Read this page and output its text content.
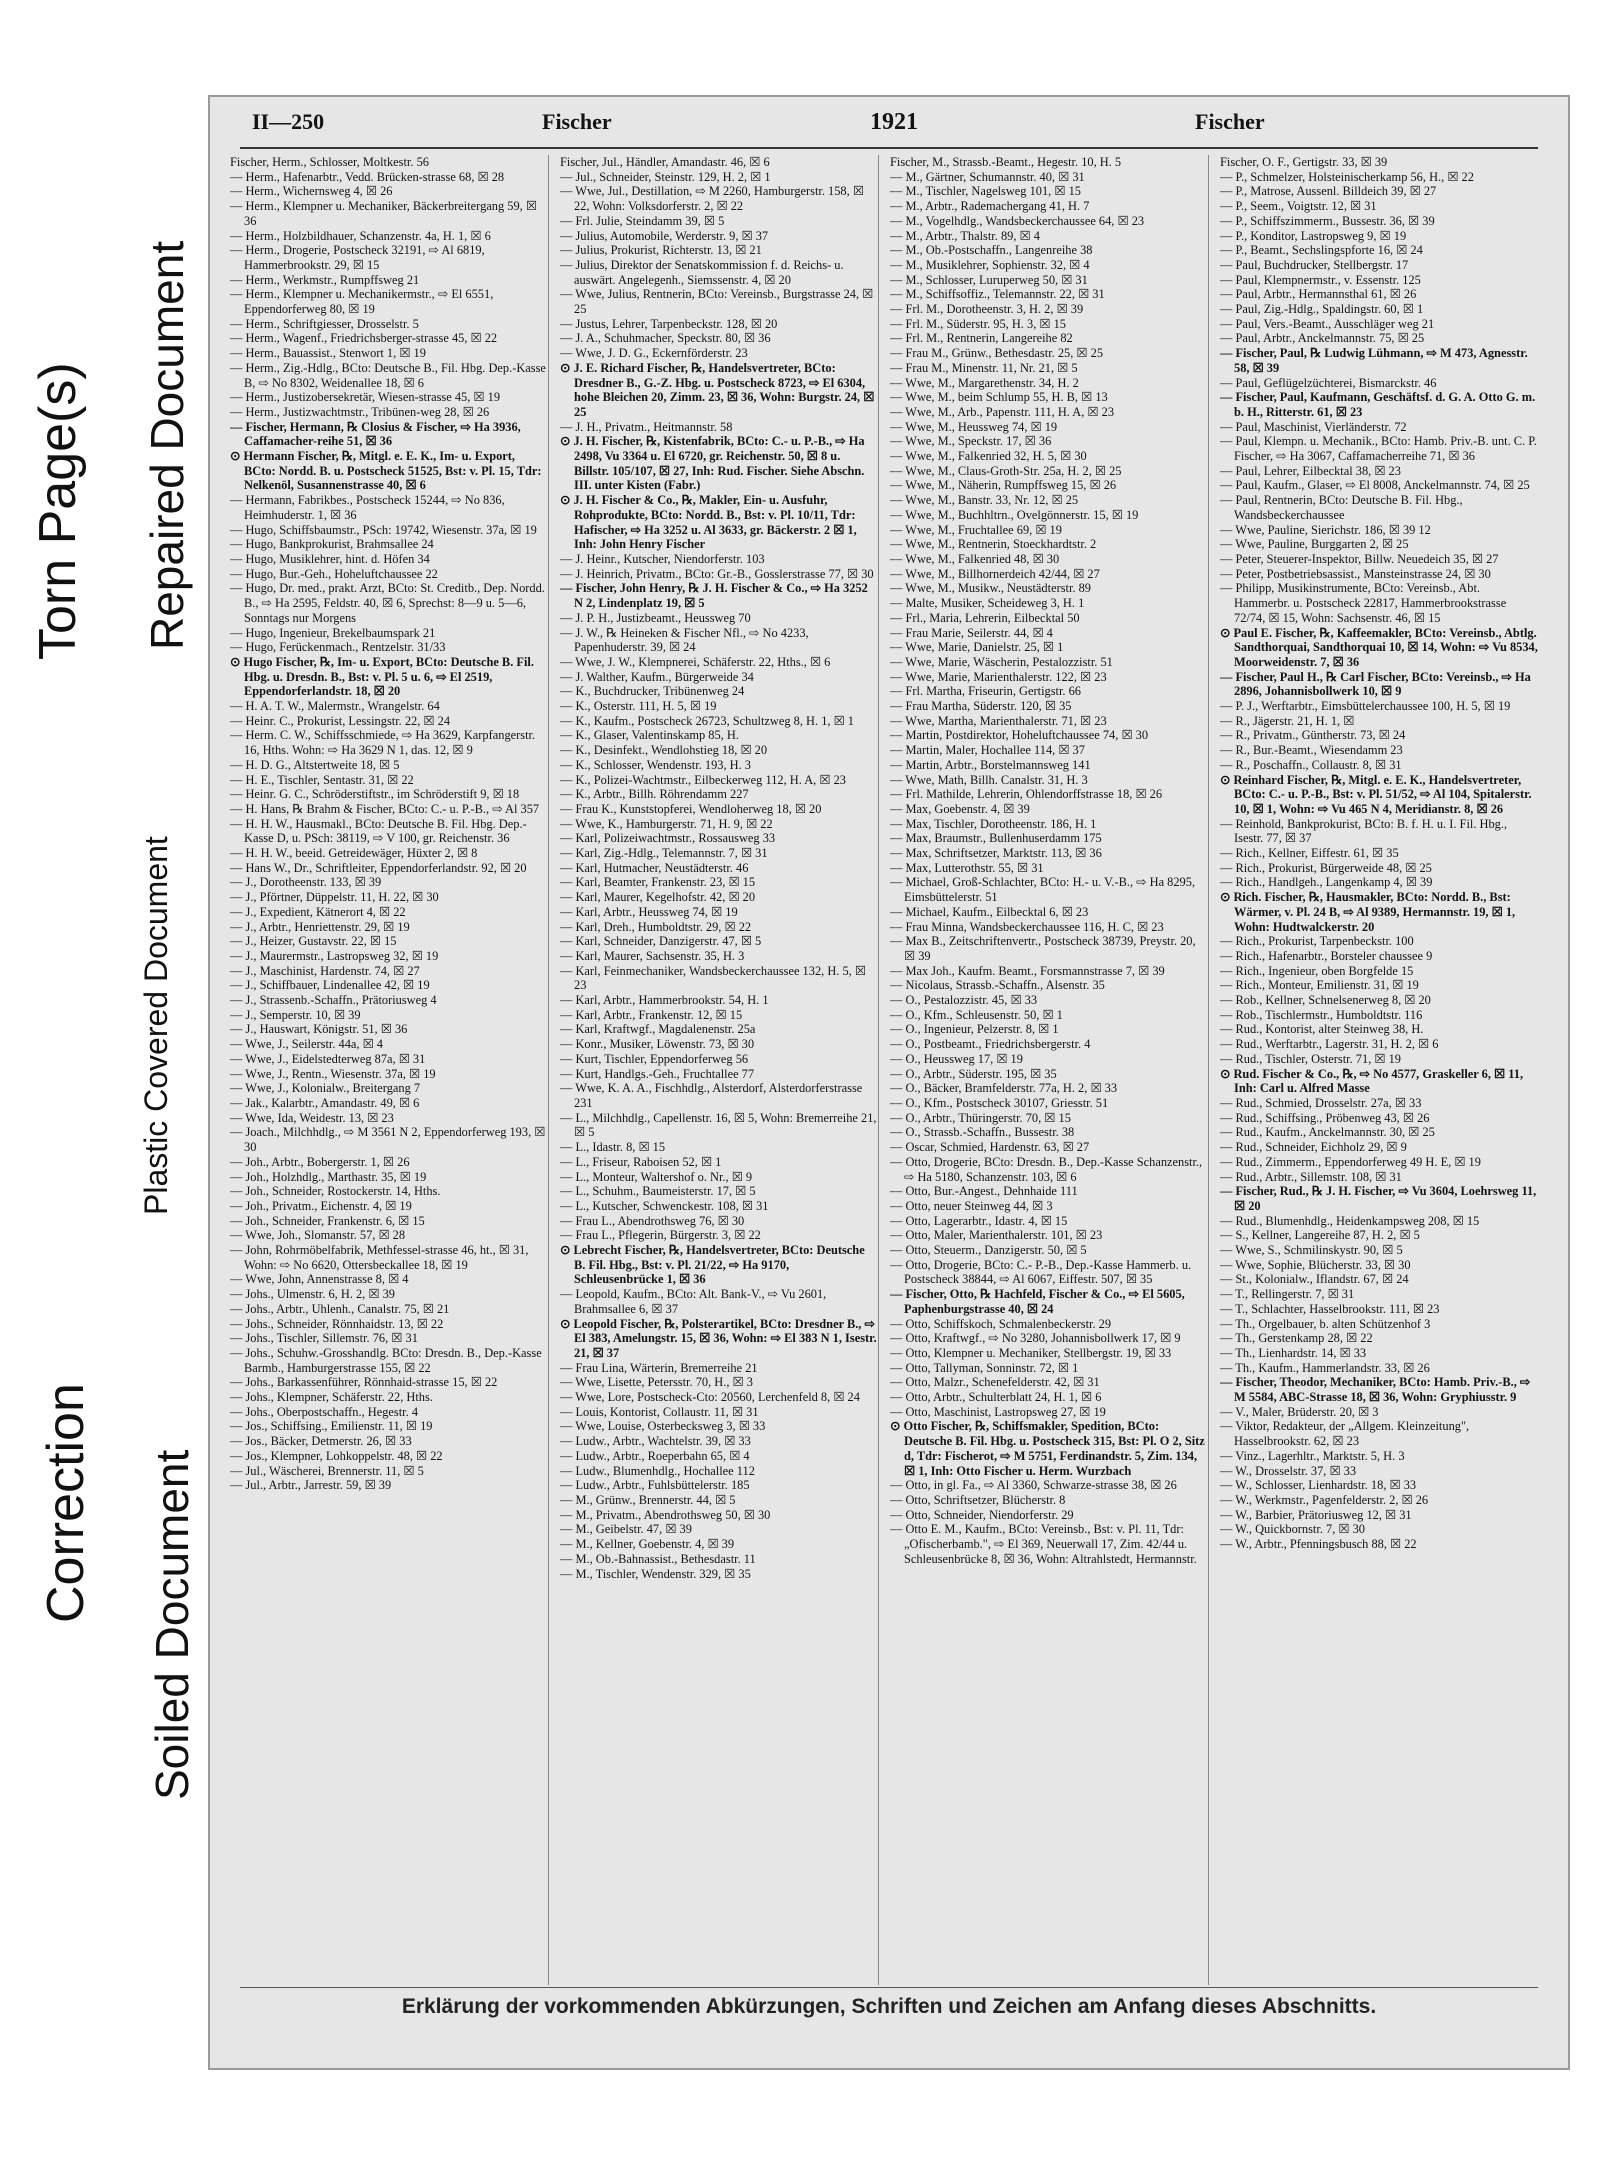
Torn Page(s) Repaired Document
Plastic Covered Document
Correction Soiled Document
II—250	Fischer	1921	Fischer
Fischer, Herm., Schlosser, Moltkestr. 56
— Herm., Hafenarbtr., Vedd. Brücken-strasse 68, ☒ 28
— Herm., Wichernsweg 4, ☒ 26
— Herm., Klempner u. Mechaniker, Bäckerbreitergang 59, ☒ 36
— Herm., Holzbildhauer, Schanzenstr. 4a, H. 1, ☒ 6
— Herm., Drogerie, Postscheck 32191, ⇨ Al 6819, Hammerbrookstr. 29, ☒ 15
— Herm., Werkmstr., Rumpffsweg 21
— Herm., Klempner u. Mechanikermstr., ⇨ El 6551, Eppendorferweg 80, ☒ 19
— Herm., Schriftgiesser, Drosselstr. 5
— Herm., Wagenf., Friedrichsberger-strasse 45, ☒ 22
— Herm., Bauassist., Stenwort 1, ☒ 19
— Herm., Zig.-Hdlg., BCto: Deutsche B., Fil. Hbg. Dep.-Kasse B, ⇨ No 8302, Weidenallee 18, ☒ 6
— Herm., Justizobersekretär, Wiesen-strasse 45, ☒ 19
— Herm., Justizwachtmstr., Tribünen-weg 28, ☒ 26
— Fischer, Hermann, ℞ Closius & Fischer, ⇨ Ha 3936, Caffamacher-reihe 51, ☒ 36
⊙ Hermann Fischer, ℞, Mitgl. e. E. K., Im- u. Export, BCto: Nordd. B. u. Postscheck 51525, Bst: v. Pl. 15, Tdr: Nelkenöl, Susannenstrasse 40, ☒ 6
— Hermann, Fabrikbes., Postscheck 15244, ⇨ No 836, Heimhuderstr. 1, ☒ 36
— Hugo, Schiffsbaumstr., PSch: 19742, Wiesenstr. 37a, ☒ 19
— Hugo, Bankprokurist, Brahmsallee 24
— Hugo, Musiklehrer, hint. d. Höfen 34
— Hugo, Bur.-Geh., Hoheluftchaussee 22
— Hugo, Dr. med., prakt. Arzt, BCto: St. Creditb., Dep. Nordd. B., ⇨ Ha 2595, Feldstr. 40, ☒ 6, Sprechst: 8—9 u. 5—6, Sonntags nur Morgens
— Hugo, Ingenieur, Brekelbaumspark 21
— Hugo, Ferückenmach., Rentzelstr. 31/33
⊙ Hugo Fischer, ℞, Im- u. Export, BCto: Deutsche B. Fil. Hbg. u. Dresdn. B., Bst: v. Pl. 5 u. 6, ⇨ El 2519, Eppendorferlandstr. 18, ☒ 20
— H. A. T. W., Malermstr., Wrangelstr. 64
— Heinr. C., Prokurist, Lessingstr. 22, ☒ 24
— Herm. C. W., Schiffsschmiede, ⇨ Ha 3629, Karpfangerstr. 16, Hths. Wohn: ⇨ Ha 3629 N 1, das. 12, ☒ 9
— H. D. G., Altstertweite 18, ☒ 5
— H. E., Tischler, Sentastr. 31, ☒ 22
— Heinr. G. C., Schröderstiftstr., im Schröderstift 9, ☒ 18
— H. Hans, ℞ Brahm & Fischer, BCto: C.- u. P.-B., ⇨ Al 357
— H. H. W., Hausmakl., BCto: Deutsche B. Fil. Hbg. Dep.-Kasse D, u. PSch: 38119, ⇨ V 100, gr. Reichenstr. 36
— H. H. W., beeid. Getreidewäger, Hüxter 2, ☒ 8
— Hans W., Dr., Schriftleiter, Eppendorferlandstr. 92, ☒ 20
— J., Dorotheenstr. 133, ☒ 39
— J., Pförtner, Düppelstr. 11, H. 22, ☒ 30
— J., Expedient, Kätnerort 4, ☒ 22
— J., Arbtr., Henriettenstr. 29, ☒ 19
— J., Heizer, Gustavstr. 22, ☒ 15
— J., Maurermstr., Lastropsweg 32, ☒ 19
— J., Maschinist, Hardenstr. 74, ☒ 27
— J., Schiffbauer, Lindenallee 42, ☒ 19
— J., Strassenb.-Schaffn., Prätoriusweg 4
— J., Semperstr. 10, ☒ 39
— J., Hauswart, Königstr. 51, ☒ 36
— Wwe, J., Seilerstr. 44a, ☒ 4
— Wwe, J., Eidelstedterweg 87a, ☒ 31
— Wwe, J., Rentn., Wiesenstr. 37a, ☒ 19
— Wwe, J., Kolonialw., Breitergang 7
— Jak., Kalarbtr., Amandastr. 49, ☒ 6
— Wwe, Ida, Weidestr. 13, ☒ 23
— Joach., Milchhdlg., ⇨ M 3561 N 2, Eppendorferweg 193, ☒ 30
— Joh., Arbtr., Bobergerstr. 1, ☒ 26
— Joh., Holzhdlg., Marthastr. 35, ☒ 19
— Joh., Schneider, Rostockerstr. 14, Hths.
— Joh., Privatm., Eichenstr. 4, ☒ 19
— Joh., Schneider, Frankenstr. 6, ☒ 15
— Wwe, Joh., Slomanstr. 57, ☒ 28
— John, Rohrmöbelfabrik, Methfessel-strasse 46, ht., ☒ 31, Wohn: ⇨ No 6620, Ottersbeckallee 18, ☒ 19
— Wwe, John, Annenstrasse 8, ☒ 4
— Johs., Ulmenstr. 6, H. 2, ☒ 39
— Johs., Arbtr., Uhlenh., Canalstr. 75, ☒ 21
— Johs., Schneider, Rönnhaidstr. 13, ☒ 22
— Johs., Tischler, Sillemstr. 76, ☒ 31
— Johs., Schuhw.-Grosshandlg. BCto: Dresdn. B., Dep.-Kasse Barmb., Hamburgerstrasse 155, ☒ 22
— Johs., Barkassenführer, Rönnhaid-strasse 15, ☒ 22
— Johs., Klempner, Schäferstr. 22, Hths.
— Johs., Oberpostschaffn., Hegestr. 4
— Jos., Schiffsing., Emilienstr. 11, ☒ 19
— Jos., Bäcker, Detmerstr. 26, ☒ 33
— Jos., Klempner, Lohkoppelstr. 48, ☒ 22
— Jul., Wäscherei, Brennerstr. 11, ☒ 5
— Jul., Arbtr., Jarrestr. 59, ☒ 39
Fischer, Jul., Händler, Amandastr. 46, ☒ 6
— Jul., Schneider, Steinstr. 129, H. 2, ☒ 1
— Wwe, Jul., Destillation, ⇨ M 2260, Hamburgerstr. 158, ☒ 22, Wohn: Volksdorferstr. 2, ☒ 22
— Frl. Julie, Steindamm 39, ☒ 5
— Julius, Automobile, Werderstr. 9, ☒ 37
— Julius, Prokurist, Richterstr. 13, ☒ 21
— Julius, Direktor der Senatskommission f. d. Reichs- u. auswärt. Angelegenh., Siemssenstr. 4, ☒ 20
— Wwe, Julius, Rentnerin, BCto: Vereinsb., Burgstrasse 24, ☒ 25
— Justus, Lehrer, Tarpenbeckstr. 128, ☒ 20
— J. A., Schuhmacher, Speckstr. 80, ☒ 36
— Wwe, J. D. G., Eckernförderstr. 23
⊙ J. E. Richard Fischer, ℞, Handelsvertreter, BCto: Dresdner B., G.-Z. Hbg. u. Postscheck 8723, ⇨ El 6304, hohe Bleichen 20, Zimm. 23, ☒ 36, Wohn: Burgstr. 24, ☒ 25
— J. H., Privatm., Heitmannstr. 58
⊙ J. H. Fischer, ℞, Kistenfabrik, BCto: C.- u. P.-B., ⇨ Ha 2498, Vu 3364 u. El 6720, gr. Reichenstr. 50, ☒ 8 u. Billstr. 105/107, ☒ 27, Inh: Rud. Fischer. Siehe Abschn. III. unter Kisten (Fabr.)
⊙ J. H. Fischer & Co., ℞, Makler, Ein- u. Ausfuhr, Rohprodukte, BCto: Nordd. B., Bst: v. Pl. 10/11, Tdr: Hafischer, ⇨ Ha 3252 u. Al 3633, gr. Bäckerstr. 2 ☒ 1, Inh: John Henry Fischer
— J. Heinr., Kutscher, Niendorferstr. 103
— J. Heinrich, Privatm., BCto: Gr.-B., Gosslerstrasse 77, ☒ 30
— Fischer, John Henry, ℞ J. H. Fischer & Co., ⇨ Ha 3252 N 2, Lindenplatz 19, ☒ 5
— J. P. H., Justizbeamt., Heussweg 70
— J. W., ℞ Heineken & Fischer Nfl., ⇨ No 4233, Papenhuderstr. 39, ☒ 24
— Wwe, J. W., Klempnerei, Schäferstr. 22, Hths., ☒ 6
— J. Walther, Kaufm., Bürgerweide 34
— K., Buchdrucker, Tribünenweg 24
— K., Osterstr. 111, H. 5, ☒ 19
— K., Kaufm., Postscheck 26723, Schultzweg 8, H. 1, ☒ 1
— K., Glaser, Valentinskamp 85, H.
— K., Desinfekt., Wendlohstieg 18, ☒ 20
— K., Schlosser, Wendenstr. 193, H. 3
— K., Polizei-Wachtmstr., Eilbeckerweg 112, H. A, ☒ 23
— K., Arbtr., Billh. Röhrendamm 227
— Frau K., Kunststopferei, Wendloherweg 18, ☒ 20
— Wwe, K., Hamburgerstr. 71, H. 9, ☒ 22
— Karl, Polizeiwachtmstr., Rossausweg 33
— Karl, Zig.-Hdlg., Telemannstr. 7, ☒ 31
— Karl, Hutmacher, Neustädterstr. 46
— Karl, Beamter, Frankenstr. 23, ☒ 15
— Karl, Maurer, Kegelhofstr. 42, ☒ 20
— Karl, Arbtr., Heussweg 74, ☒ 19
— Karl, Dreh., Humboldtstr. 29, ☒ 22
— Karl, Schneider, Danzigerstr. 47, ☒ 5
— Karl, Maurer, Sachsenstr. 35, H. 3
— Karl, Feinmechaniker, Wandsbeckerchaussee 132, H. 5, ☒ 23
— Karl, Arbtr., Hammerbrookstr. 54, H. 1
— Karl, Arbtr., Frankenstr. 12, ☒ 15
— Karl, Kraftwgf., Magdalenenstr. 25a
— Konr., Musiker, Löwenstr. 73, ☒ 30
— Kurt, Tischler, Eppendorferweg 56
— Kurt, Handlgs.-Geh., Fruchtallee 77
— Wwe, K. A. A., Fischhdlg., Alsterdorf, Alsterdorferstrasse 231
— L., Milchhdlg., Capellenstr. 16, ☒ 5, Wohn: Bremerreihe 21, ☒ 5
— L., Idastr. 8, ☒ 15
— L., Friseur, Raboisen 52, ☒ 1
— L., Monteur, Waltershof o. Nr., ☒ 9
— L., Schuhm., Baumeisterstr. 17, ☒ 5
— L., Kutscher, Schwenckestr. 108, ☒ 31
— Frau L., Abendrothsweg 76, ☒ 30
— Frau L., Pflegerin, Bürgerstr. 3, ☒ 22
⊙ Lebrecht Fischer, ℞, Handelsvertreter, BCto: Deutsche B. Fil. Hbg., Bst: v. Pl. 21/22, ⇨ Ha 9170, Schleusenbrücke 1, ☒ 36
— Leopold, Kaufm., BCto: Alt. Bank-V., ⇨ Vu 2601, Brahmsallee 6, ☒ 37
⊙ Leopold Fischer, ℞, Polsterartikel, BCto: Dresdner B., ⇨ El 383, Amelungstr. 15, ☒ 36, Wohn: ⇨ El 383 N 1, Isestr. 21, ☒ 37
— Frau Lina, Wärterin, Bremerreihe 21
— Wwe, Lisette, Petersstr. 70, H., ☒ 3
— Wwe, Lore, Postscheck-Cto: 20560, Lerchenfeld 8, ☒ 24
— Louis, Kontorist, Collaustr. 11, ☒ 31
— Wwe, Louise, Osterbecksweg 3, ☒ 33
— Ludw., Arbtr., Wachtelstr. 39, ☒ 33
— Ludw., Arbtr., Roeperbahn 65, ☒ 4
— Ludw., Blumenhdlg., Hochallee 112
— Ludw., Arbtr., Fuhlsbüttelerstr. 185
— M., Grünw., Brennerstr. 44, ☒ 5
— M., Privatm., Abendrothsweg 50, ☒ 30
— M., Geibelstr. 47, ☒ 39
— M., Kellner, Goebenstr. 4, ☒ 39
— M., Ob.-Bahnassist., Bethesdastr. 11
— M., Tischler, Wendenstr. 329, ☒ 35
Fischer, M., Strassb.-Beamt., Hegestr. 10, H. 5
— M., Gärtner, Schumannstr. 40, ☒ 31
— M., Tischler, Nagelsweg 101, ☒ 15
— M., Arbtr., Rademachergang 41, H. 7
— M., Vogelhdlg., Wandsbeckerchaussee 64, ☒ 23
— M., Arbtr., Thalstr. 89, ☒ 4
— M., Ob.-Postschaffn., Langenreihe 38
— M., Musiklehrer, Sophienstr. 32, ☒ 4
— M., Schlosser, Luruperweg 50, ☒ 31
— M., Schiffsoffiz., Telemannstr. 22, ☒ 31
— Frl. M., Dorotheenstr. 3, H. 2, ☒ 39
— Frl. M., Süderstr. 95, H. 3, ☒ 15
— Frl. M., Rentnerin, Langereihe 82
— Frau M., Grünw., Bethesdastr. 25, ☒ 25
— Frau M., Minenstr. 11, Nr. 21, ☒ 5
— Wwe, M., Margarethenstr. 34, H. 2
— Wwe, M., beim Schlump 55, H. B, ☒ 13
— Wwe, M., Arb., Papenstr. 111, H. A, ☒ 23
— Wwe, M., Heussweg 74, ☒ 19
— Wwe, M., Speckstr. 17, ☒ 36
— Wwe, M., Falkenried 32, H. 5, ☒ 30
— Wwe, M., Claus-Groth-Str. 25a, H. 2, ☒ 25
— Wwe, M., Näherin, Rumpffsweg 15, ☒ 26
— Wwe, M., Banstr. 33, Nr. 12, ☒ 25
— Wwe, M., Buchhltrn., Ovelgönnerstr. 15, ☒ 19
— Wwe, M., Fruchtallee 69, ☒ 19
— Wwe, M., Rentnerin, Stoeckhardtstr. 2
— Wwe, M., Falkenried 48, ☒ 30
— Wwe, M., Billhornerdeich 42/44, ☒ 27
— Wwe, M., Musikw., Neustädterstr. 89
— Malte, Musiker, Scheideweg 3, H. 1
— Frl., Maria, Lehrerin, Eilbecktal 50
— Frau Marie, Seilerstr. 44, ☒ 4
— Wwe, Marie, Danielstr. 25, ☒ 1
— Wwe, Marie, Wäscherin, Pestalozzistr. 51
— Wwe, Marie, Marienthalerstr. 122, ☒ 23
— Frl. Martha, Friseurin, Gertigstr. 66
— Frau Martha, Süderstr. 120, ☒ 35
— Wwe, Martha, Marienthalerstr. 71, ☒ 23
— Martin, Postdirektor, Hoheluftchaussee 74, ☒ 30
— Martin, Maler, Hochallee 114, ☒ 37
— Martin, Arbtr., Borstelmannsweg 141
— Wwe, Math, Billh. Canalstr. 31, H. 3
— Frl. Mathilde, Lehrerin, Ohlendorffstrasse 18, ☒ 26
— Max, Goebenstr. 4, ☒ 39
— Max, Tischler, Dorotheenstr. 186, H. 1
— Max, Braumstr., Bullenhuserdamm 175
— Max, Schriftsetzer, Marktstr. 113, ☒ 36
— Max, Lutterothstr. 55, ☒ 31
— Michael, Groß-Schlachter, BCto: H.- u. V.-B., ⇨ Ha 8295, Eimsbüttelerstr. 51
— Michael, Kaufm., Eilbecktal 6, ☒ 23
— Frau Minna, Wandsbeckerchaussee 116, H. C, ☒ 23
— Max B., Zeitschriftenvertr., Postscheck 38739, Preystr. 20, ☒ 39
— Max Joh., Kaufm. Beamt., Forsmannstrasse 7, ☒ 39
— Nicolaus, Strassb.-Schaffn., Alsenstr. 35
— O., Pestalozzistr. 45, ☒ 33
— O., Kfm., Schleusenstr. 50, ☒ 1
— O., Ingenieur, Pelzerstr. 8, ☒ 1
— O., Postbeamt., Friedrichsbergerstr. 4
— O., Heussweg 17, ☒ 19
— O., Arbtr., Süderstr. 195, ☒ 35
— O., Bäcker, Bramfelderstr. 77a, H. 2, ☒ 33
— O., Kfm., Postscheck 30107, Griesstr. 51
— O., Arbtr., Thüringerstr. 70, ☒ 15
— O., Strassb.-Schaffn., Bussestr. 38
— Oscar, Schmied, Hardenstr. 63, ☒ 27
— Otto, Drogerie, BCto: Dresdn. B., Dep.-Kasse Schanzenstr., ⇨ Ha 5180, Schanzenstr. 103, ☒ 6
— Otto, Bur.-Angest., Dehnhaide 111
— Otto, neuer Steinweg 44, ☒ 3
— Otto, Lagerarbtr., Idastr. 4, ☒ 15
— Otto, Maler, Marienthalerstr. 101, ☒ 23
— Otto, Steuerm., Danzigerstr. 50, ☒ 5
— Otto, Drogerie, BCto: C.- P.-B., Dep.-Kasse Hammerb. u. Postscheck 38844, ⇨ Al 6067, Eiffestr. 507, ☒ 35
— Fischer, Otto, ℞ Hachfeld, Fischer & Co., ⇨ El 5605, Paphenburgstrasse 40, ☒ 24
— Otto, Schiffskoch, Schmalenbeckerstr. 29
— Otto, Kraftwgf., ⇨ No 3280, Johannisbollwerk 17, ☒ 9
— Otto, Klempner u. Mechaniker, Stellbergstr. 19, ☒ 33
— Otto, Tallyman, Sonninstr. 72, ☒ 1
— Otto, Malzr., Schenefelderstr. 42, ☒ 31
— Otto, Arbtr., Schulterblatt 24, H. 1, ☒ 6
— Otto, Maschinist, Lastropsweg 27, ☒ 19
⊙ Otto Fischer, ℞, Schiffsmakler, Spedition, BCto: Deutsche B. Fil. Hbg. u. Postscheck 315, Bst: Pl. O 2, Sitz d, Tdr: Fischerot, ⇨ M 5751, Ferdinandstr. 5, Zim. 134, ☒ 1, Inh: Otto Fischer u. Herm. Wurzbach
— Otto, in gl. Fa., ⇨ Al 3360, Schwarze-strasse 38, ☒ 26
— Otto, Schriftsetzer, Blücherstr. 8
— Otto, Schneider, Niendorferstr. 29
— Otto E. M., Kaufm., BCto: Vereinsb., Bst: v. Pl. 11, Tdr: „Ofischerbamb.", ⇨ El 369, Neuerwall 17, Zim. 42/44 u. Schleusenbrücke 8, ☒ 36, Wohn: Altrahlstedt, Hermannstr.
Fischer, O. F., Gertigstr. 33, ☒ 39
— P., Schmelzer, Holsteinischerkamp 56, H., ☒ 22
— P., Matrose, Aussenl. Billdeich 39, ☒ 27
— P., Seem., Voigtstr. 12, ☒ 31
— P., Schiffszimmerm., Bussestr. 36, ☒ 39
— P., Konditor, Lastropsweg 9, ☒ 19
— P., Beamt., Sechslingspforte 16, ☒ 24
— Paul, Buchdrucker, Stellbergstr. 17
— Paul, Klempnermstr., v. Essenstr. 125
— Paul, Arbtr., Hermannsthal 61, ☒ 26
— Paul, Zig.-Hdlg., Spaldingstr. 60, ☒ 1
— Paul, Vers.-Beamt., Ausschläger weg 21
— Paul, Arbtr., Anckelmannstr. 75, ☒ 25
— Fischer, Paul, ℞ Ludwig Lühmann, ⇨ M 473, Agnesstr. 58, ☒ 39
— Paul, Geflügelzüchterei, Bismarckstr. 46
— Fischer, Paul, Kaufmann, Geschäftsf. d. G. A. Otto G. m. b. H., Ritterstr. 61, ☒ 23
— Paul, Maschinist, Vierländerstr. 72
— Paul, Klempn. u. Mechanik., BCto: Hamb. Priv.-B. unt. C. P. Fischer, ⇨ Ha 3067, Caffamacherreihe 71, ☒ 36
— Paul, Lehrer, Eilbecktal 38, ☒ 23
— Paul, Kaufm., Glaser, ⇨ El 8008, Anckelmannstr. 74, ☒ 25
— Paul, Rentnerin, BCto: Deutsche B. Fil. Hbg., Wandsbeckerchaussee
— Wwe, Pauline, Sierichstr. 186, ☒ 39 12
— Wwe, Pauline, Burggarten 2, ☒ 25
— Peter, Steuerer-Inspektor, Billw. Neuedeich 35, ☒ 27
— Peter, Postbetriebsassist., Mansteinstrasse 24, ☒ 30
— Philipp, Musikinstrumente, BCto: Vereinsb., Abt. Hammerbr. u. Postscheck 22817, Hammerbrookstrasse 72/74, ☒ 15, Wohn: Sachsenstr. 46, ☒ 15
⊙ Paul E. Fischer, ℞, Kaffeemakler, BCto: Vereinsb., Abtlg. Sandthorquai, Sandthorquai 10, ☒ 14, Wohn: ⇨ Vu 8534, Moorweidenstr. 7, ☒ 36
— Fischer, Paul H., ℞ Carl Fischer, BCto: Vereinsb., ⇨ Ha 2896, Johannisbollwerk 10, ☒ 9
— P. J., Werftarbtr., Eimsbüttelerchaussee 100, H. 5, ☒ 19
— R., Jägerstr. 21, H. 1, ☒
— R., Privatm., Güntherstr. 73, ☒ 24
— R., Bur.-Beamt., Wiesendamm 23
— R., Poschaffn., Collaustr. 8, ☒ 31
⊙ Reinhard Fischer, ℞, Mitgl. e. E. K., Handelsvertreter, BCto: C.- u. P.-B., Bst: v. Pl. 51/52, ⇨ Al 104, Spitalerstr. 10, ☒ 1, Wohn: ⇨ Vu 465 N 4, Meridianstr. 8, ☒ 26
— Reinhold, Bankprokurist, BCto: B. f. H. u. I. Fil. Hbg., Isestr. 77, ☒ 37
— Rich., Kellner, Eiffestr. 61, ☒ 35
— Rich., Prokurist, Bürgerweide 48, ☒ 25
— Rich., Handlgeh., Langenkamp 4, ☒ 39
⊙ Rich. Fischer, ℞, Hausmakler, BCto: Nordd. B., Bst: Wärmer, v. Pl. 24 B, ⇨ Al 9389, Hermannstr. 19, ☒ 1, Wohn: Hudtwalckerstr. 20
— Rich., Prokurist, Tarpenbeckstr. 100
— Rich., Hafenarbtr., Borsteler chaussee 9
— Rich., Ingenieur, oben Borgfelde 15
— Rich., Monteur, Emilienstr. 31, ☒ 19
— Rob., Kellner, Schnelsenerweg 8, ☒ 20
— Rob., Tischlermstr., Humboldtstr. 116
— Rud., Kontorist, alter Steinweg 38, H.
— Rud., Werftarbtr., Lagerstr. 31, H. 2, ☒ 6
— Rud., Tischler, Osterstr. 71, ☒ 19
⊙ Rud. Fischer & Co., ℞, ⇨ No 4577, Graskeller 6, ☒ 11, Inh: Carl u. Alfred Masse
— Rud., Schmied, Drosselstr. 27a, ☒ 33
— Rud., Schiffsing., Pröbenweg 43, ☒ 26
— Rud., Kaufm., Anckelmannstr. 30, ☒ 25
— Rud., Schneider, Eichholz 29, ☒ 9
— Rud., Zimmerm., Eppendorferweg 49 H. E, ☒ 19
— Rud., Arbtr., Sillemstr. 108, ☒ 31
— Fischer, Rud., ℞ J. H. Fischer, ⇨ Vu 3604, Loehrsweg 11, ☒ 20
— Rud., Blumenhdlg., Heidenkampsweg 208, ☒ 15
— S., Kellner, Langereihe 87, H. 2, ☒ 5
— Wwe, S., Schmilinskystr. 90, ☒ 5
— Wwe, Sophie, Blücherstr. 33, ☒ 30
— St., Kolonialw., Iflandstr. 67, ☒ 24
— T., Rellingerstr. 7, ☒ 31
— T., Schlachter, Hasselbrookstr. 111, ☒ 23
— Th., Orgelbauer, b. alten Schützenhof 3
— Th., Gerstenkamp 28, ☒ 22
— Th., Lienhardstr. 14, ☒ 33
— Th., Kaufm., Hammerlandstr. 33, ☒ 26
— Fischer, Theodor, Mechaniker, BCto: Hamb. Priv.-B., ⇨ M 5584, ABC-Strasse 18, ☒ 36, Wohn: Gryphiusstr. 9
— V., Maler, Brüderstr. 20, ☒ 3
— Viktor, Redakteur, der „Allgem. Kleinzeitung", Hasselbrookstr. 62, ☒ 23
— Vinz., Lagerhltr., Marktstr. 5, H. 3
— W., Drosselstr. 37, ☒ 33
— W., Schlosser, Lienhardstr. 18, ☒ 33
— W., Werkmstr., Pagenfelderstr. 2, ☒ 26
— W., Barbier, Prätoriusweg 12, ☒ 31
— W., Quickbornstr. 7, ☒ 30
— W., Arbtr., Pfenningsbusch 88, ☒ 22
Erklärung der vorkommenden Abkürzungen, Schriften und Zeichen am Anfang dieses Abschnitts.
